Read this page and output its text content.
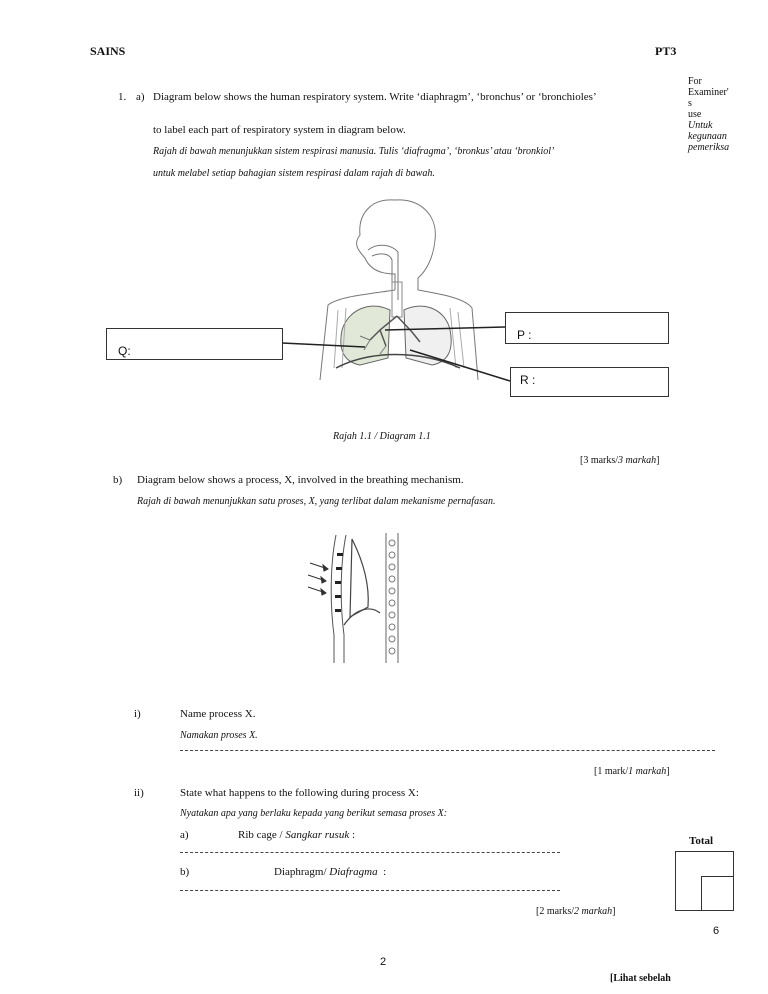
SAINS	PT3
For
Examiner'
s
use
Untuk
kegunaan
pemeriksa
1. a) Diagram below shows the human respiratory system. Write ‘diaphragm’, ‘bronchus’ or ‘bronchioles’
to label each part of respiratory system in diagram below.
Rajah di bawah menunjukkan sistem respirasi manusia. Tulis ‘diafragma’, ‘bronkus’ atau ‘bronkiol’
untuk melabel setiap bahagian sistem respirasi dalam rajah di bawah.
Q:
P :
R :
Rajah 1.1 / Diagram 1.1
[3 marks/3 markah]
b) Diagram below shows a process, X, involved in the breathing mechanism.
Rajah di bawah menunjukkan satu proses, X, yang terlibat dalam mekanisme pernafasan.
i)	Name process X.
Namakan proses X.
[1 mark/1 markah]
ii)	State what happens to the following during process X:
Nyatakan apa yang berlaku kepada yang berikut semasa proses X:
a)	Rib cage / Sangkar rusuk :
b)	Diaphragm/ Diafragma :
[2 marks/2 markah]
Total
6
2
[Lihat sebelah
